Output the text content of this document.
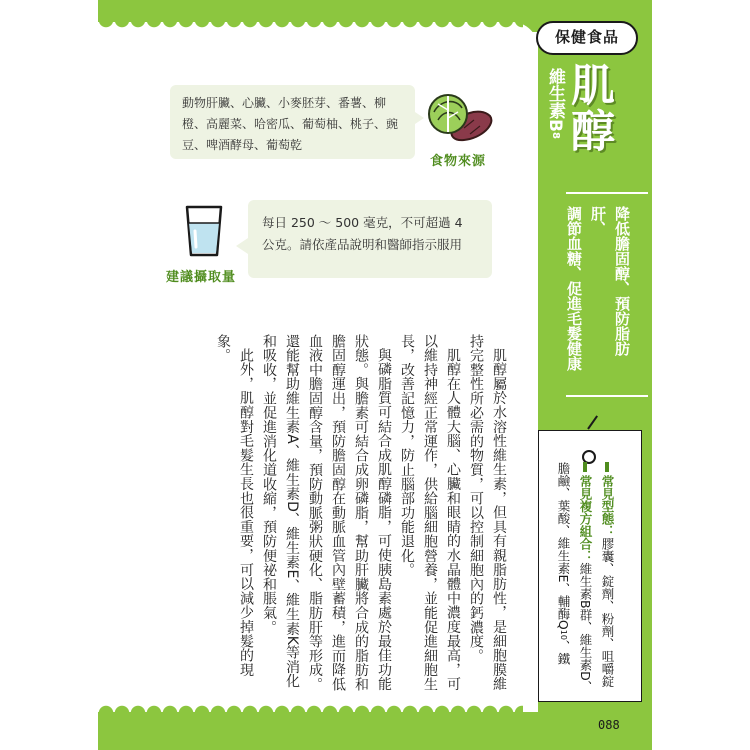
保健食品
肌醇
維生素B8
降低膽固醇、預防脂肪肝、
調節血糖、促進毛髮健康
常見型態：膠囊、錠劑、粉劑、咀嚼錠
常見複方組合：維生素B群、維生素D、膽鹼、葉酸、維生素E、輔酶Q10、鐵
動物肝臟、心臟、小麥胚芽、番薯、柳橙、高麗菜、哈密瓜、葡萄柚、桃子、豌豆、啤酒酵母、葡萄乾
食物來源
每日 250 ～ 500 毫克，不可超過 4 公克。請依產品說明和醫師指示服用
建議攝取量

肌醇屬於水溶性維生素，但具有親脂肪性，是細胞膜維持完整性所必需的物質，可以控制細胞內的鈣濃度。

肌醇在人體大腦、心臟和眼睛的水晶體中濃度最高，可以維持神經正常運作，供給腦細胞營養，並能促進細胞生長，改善記憶力，防止腦部功能退化。

與磷脂質可結合成肌醇磷脂，可使胰島素處於最佳功能狀態。與膽素可結合成卵磷脂，幫助肝臟將合成的脂肪和膽固醇運出，預防膽固醇在動脈血管內壁蓄積，進而降低血液中膽固醇含量，預防動脈粥狀硬化、脂肪肝等形成。還能幫助維生素A、維生素D、維生素E、維生素K等消化和吸收，並促進消化道收縮，預防便祕和脹氣。

此外，肌醇對毛髮生長也很重要，可以減少掉髮的現象。

088
